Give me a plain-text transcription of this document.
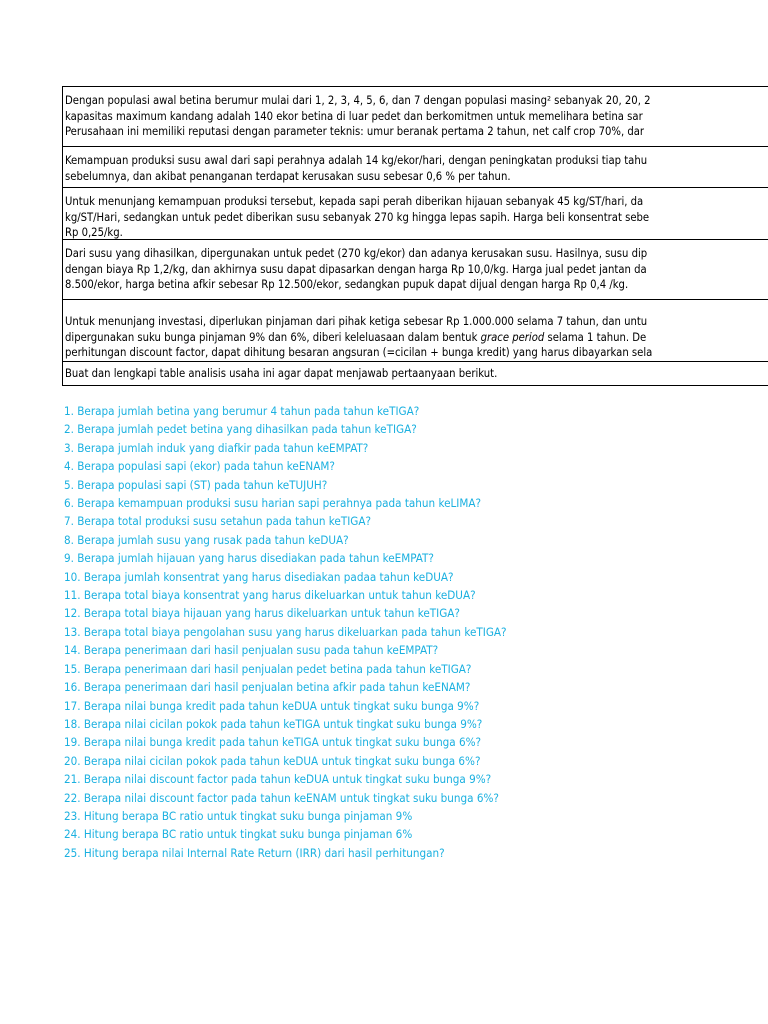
Dengan populasi awal betina berumur mulai dari 1, 2, 3, 4, 5, 6, dan 7 dengan populasi masing² sebanyak 20, 20, 2
kapasitas maximum kandang adalah 140 ekor betina di luar pedet dan berkomitmen untuk memelihara betina sar
Perusahaan ini memiliki reputasi dengan parameter teknis: umur beranak pertama 2 tahun, net calf crop 70%, dar
Kemampuan produksi susu awal dari sapi perahnya adalah 14 kg/ekor/hari, dengan peningkatan produksi tiap tahu
sebelumnya, dan akibat penanganan terdapat kerusakan susu sebesar 0,6 % per tahun.
Untuk menunjang kemampuan produksi tersebut, kepada sapi perah diberikan hijauan sebanyak 45 kg/ST/hari, da
kg/ST/Hari, sedangkan untuk pedet diberikan susu sebanyak 270 kg hingga lepas sapih. Harga beli konsentrat sebe
Rp 0,25/kg.
Dari susu yang dihasilkan, dipergunakan untuk pedet (270 kg/ekor) dan adanya kerusakan susu. Hasilnya, susu dip
dengan biaya Rp 1,2/kg, dan akhirnya susu dapat dipasarkan dengan harga Rp 10,0/kg. Harga jual pedet jantan da
8.500/ekor, harga betina afkir sebesar Rp 12.500/ekor, sedangkan pupuk dapat dijual dengan harga Rp 0,4 /kg.
Untuk menunjang investasi, diperlukan pinjaman dari pihak ketiga sebesar Rp 1.000.000 selama 7 tahun, dan untu
dipergunakan suku bunga pinjaman 9% dan 6%, diberi keleluasaan dalam bentuk grace period selama 1 tahun. De
perhitungan discount factor, dapat dihitung besaran angsuran (=cicilan + bunga kredit) yang harus dibayarkan sela
Buat dan lengkapi table analisis usaha ini agar dapat menjawab pertaanyaan berikut.
1. Berapa jumlah betina yang berumur 4 tahun pada tahun keTIGA?
2. Berapa jumlah pedet betina yang dihasilkan pada tahun keTIGA?
3. Berapa jumlah induk yang diafkir pada tahun keEMPAT?
4. Berapa populasi sapi (ekor) pada tahun keENAM?
5. Berapa populasi sapi (ST) pada tahun keTUJUH?
6. Berapa kemampuan produksi susu harian sapi perahnya pada tahun keLIMA?
7. Berapa total produksi susu setahun pada tahun keTIGA?
8. Berapa jumlah susu yang rusak pada tahun keDUA?
9. Berapa jumlah hijauan yang harus disediakan pada tahun keEMPAT?
10. Berapa jumlah konsentrat yang harus disediakan padaa tahun keDUA?
11. Berapa total biaya konsentrat yang harus dikeluarkan untuk tahun keDUA?
12. Berapa total biaya hijauan yang harus dikeluarkan untuk tahun keTIGA?
13. Berapa total biaya pengolahan susu yang harus dikeluarkan pada tahun keTIGA?
14. Berapa penerimaan dari hasil penjualan susu pada tahun keEMPAT?
15. Berapa penerimaan dari hasil penjualan pedet betina pada tahun keTIGA?
16. Berapa penerimaan dari hasil penjualan betina afkir pada tahun keENAM?
17. Berapa nilai bunga kredit pada tahun keDUA untuk tingkat suku bunga 9%?
18. Berapa nilai cicilan pokok pada tahun keTIGA untuk tingkat suku bunga 9%?
19. Berapa nilai bunga kredit pada tahun keTIGA untuk tingkat suku bunga 6%?
20. Berapa nilai cicilan pokok pada tahun keDUA untuk tingkat suku bunga 6%?
21. Berapa nilai discount factor pada tahun keDUA untuk tingkat suku bunga 9%?
22. Berapa nilai discount factor pada tahun keENAM untuk tingkat suku bunga 6%?
23. Hitung berapa BC ratio untuk tingkat suku bunga pinjaman 9%
24. Hitung berapa BC ratio untuk tingkat suku bunga pinjaman 6%
25. Hitung berapa nilai Internal Rate Return (IRR) dari hasil perhitungan?
